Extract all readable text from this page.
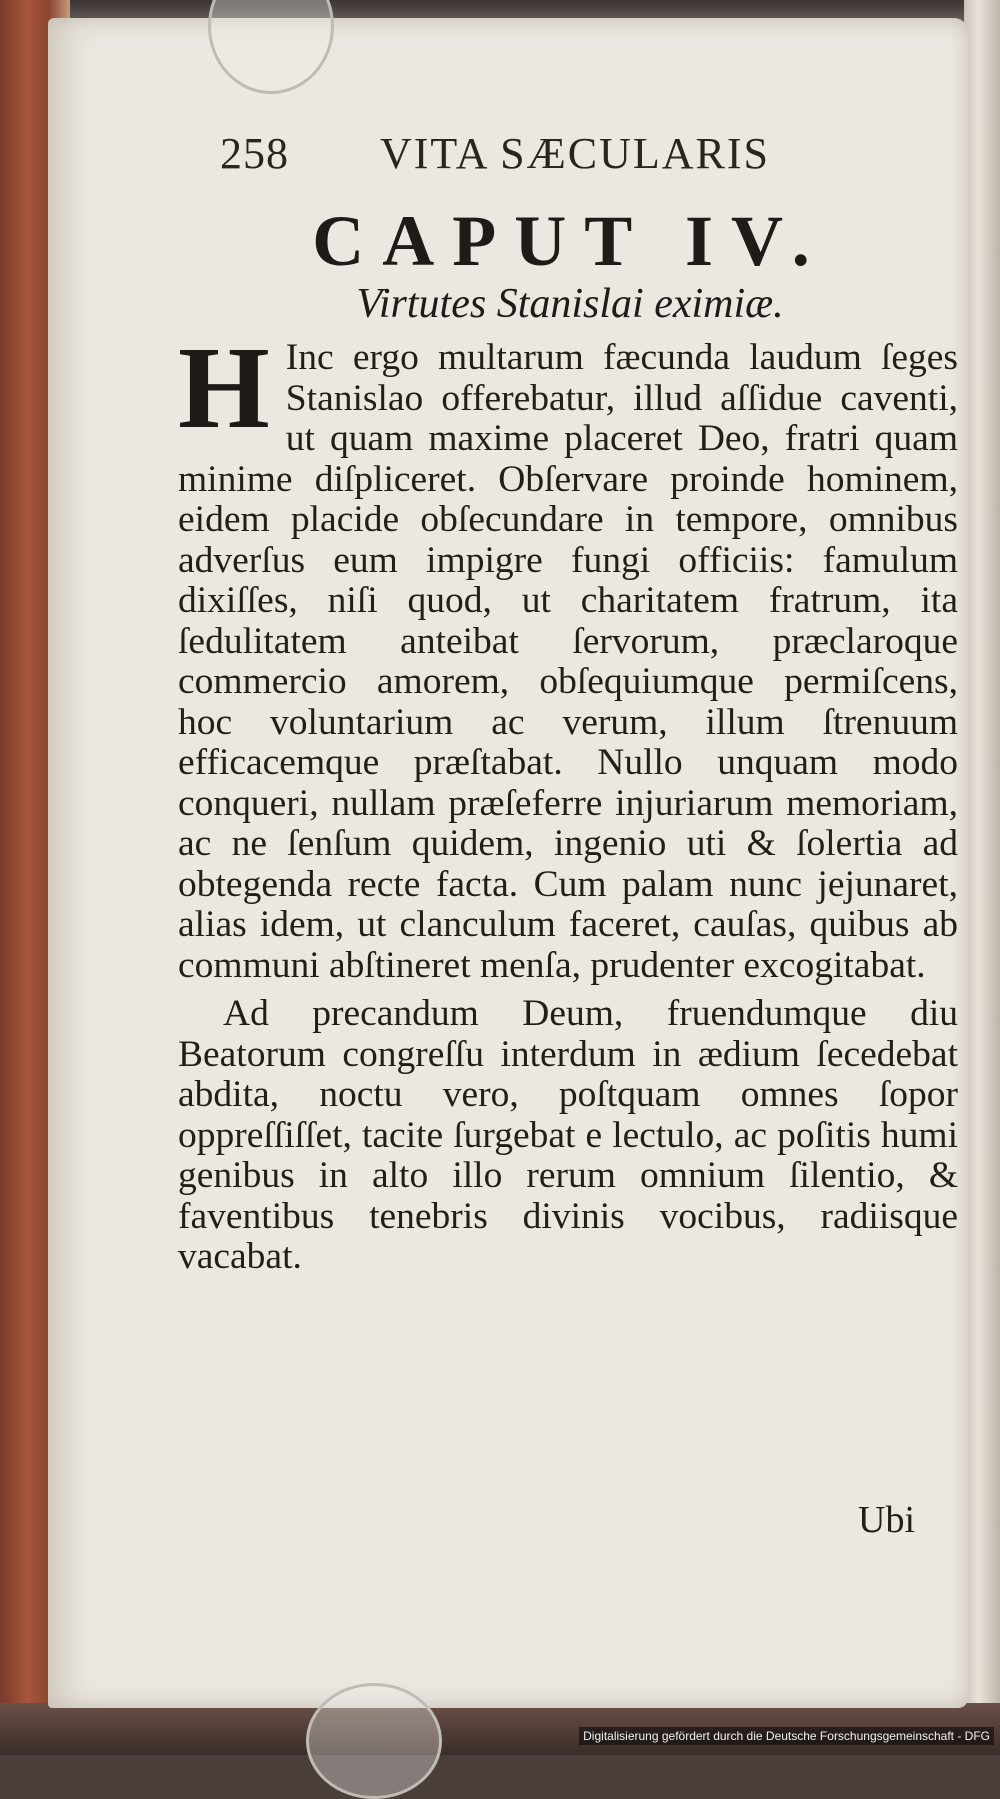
258 VITA SÆCULARIS
CAPUT IV.
Virtutes Stanislai eximiæ.

H Inc ergo multarum fæcunda laudum ſeges Stanislao offerebatur, illud aſſidue caventi, ut quam maxime placeret Deo, fratri quam minime diſpliceret. Obſervare proinde hominem, eidem placide obſecundare in tempore, omnibus adverſus eum impigre fungi officiis: famulum dixiſſes, niſi quod, ut charitatem fratrum, ita ſedulitatem anteibat ſervorum, præclaroque commercio amorem, obſequiumque permiſcens, hoc voluntarium ac verum, illum ſtrenuum efficacemque præſtabat. Nullo unquam modo conqueri, nullam præſeferre injuriarum memoriam, ac ne ſenſum quidem, ingenio uti & ſolertia ad obtegenda recte facta. Cum palam nunc jejunaret, alias idem, ut clanculum faceret, cauſas, quibus ab communi abſtineret menſa, prudenter excogitabat.

Ad precandum Deum, fruendumque diu Beatorum congreſſu interdum in ædium ſecedebat abdita, noctu vero, poſtquam omnes ſopor oppreſſiſſet, tacite ſurgebat e lectulo, ac poſitis humi genibus in alto illo rerum omnium ſilentio, & faventibus tenebris divinis vocibus, radiisque vacabat.

Ubi
Digitalisierung gefördert durch die Deutsche Forschungsgemeinschaft - DFG
